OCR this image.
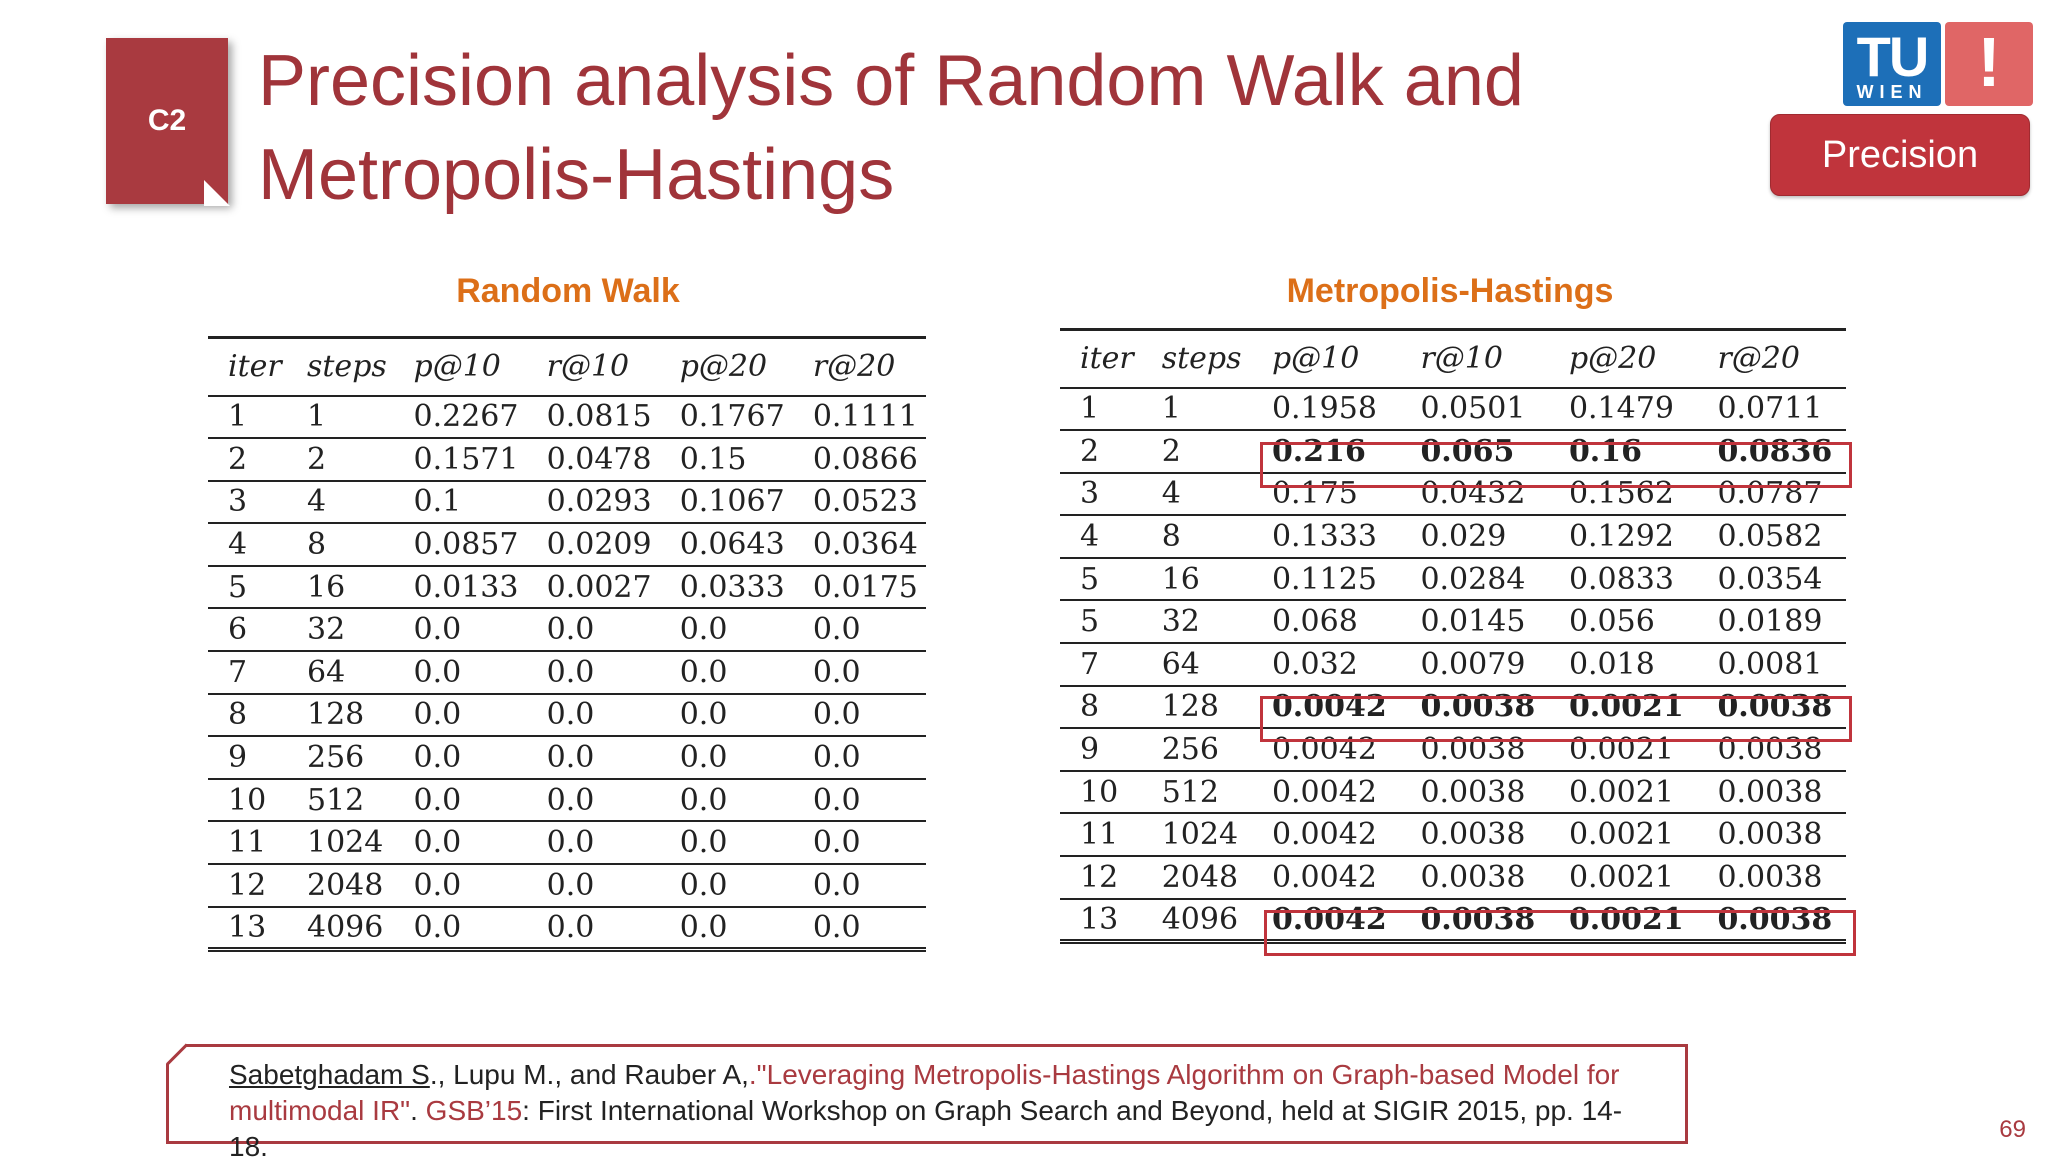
C2 Precision analysis of Random Walk and
Metropolis-Hastings
TU
WIEN !
Precision
Random Walk
iter	steps	p@10	r@10	p@20	r@20
1	1	0.2267	0.0815	0.1767	0.1111
2	2	0.1571	0.0478	0.15	0.0866
3	4	0.1	0.0293	0.1067	0.0523
4	8	0.0857	0.0209	0.0643	0.0364
5	16	0.0133	0.0027	0.0333	0.0175
6	32	0.0	0.0	0.0	0.0
7	64	0.0	0.0	0.0	0.0
8	128	0.0	0.0	0.0	0.0
9	256	0.0	0.0	0.0	0.0
10	512	0.0	0.0	0.0	0.0
11	1024	0.0	0.0	0.0	0.0
12	2048	0.0	0.0	0.0	0.0
13	4096	0.0	0.0	0.0	0.0
Metropolis-Hastings
iter	steps	p@10	r@10	p@20	r@20
1	1	0.1958	0.0501	0.1479	0.0711
2	2	0.216	0.065	0.16	0.0836
3	4	0.175	0.0432	0.1562	0.0787
4	8	0.1333	0.029	0.1292	0.0582
5	16	0.1125	0.0284	0.0833	0.0354
5	32	0.068	0.0145	0.056	0.0189
7	64	0.032	0.0079	0.018	0.0081
8	128	0.0042	0.0038	0.0021	0.0038
9	256	0.0042	0.0038	0.0021	0.0038
10	512	0.0042	0.0038	0.0021	0.0038
11	1024	0.0042	0.0038	0.0021	0.0038
12	2048	0.0042	0.0038	0.0021	0.0038
13	4096	0.0042	0.0038	0.0021	0.0038
Sabetghadam S., Lupu M., and Rauber A,."Leveraging Metropolis-Hastings Algorithm on Graph-based Model for multimodal IR". GSB’15: First International Workshop on Graph Search and Beyond, held at SIGIR 2015, pp. 14-18.
69
